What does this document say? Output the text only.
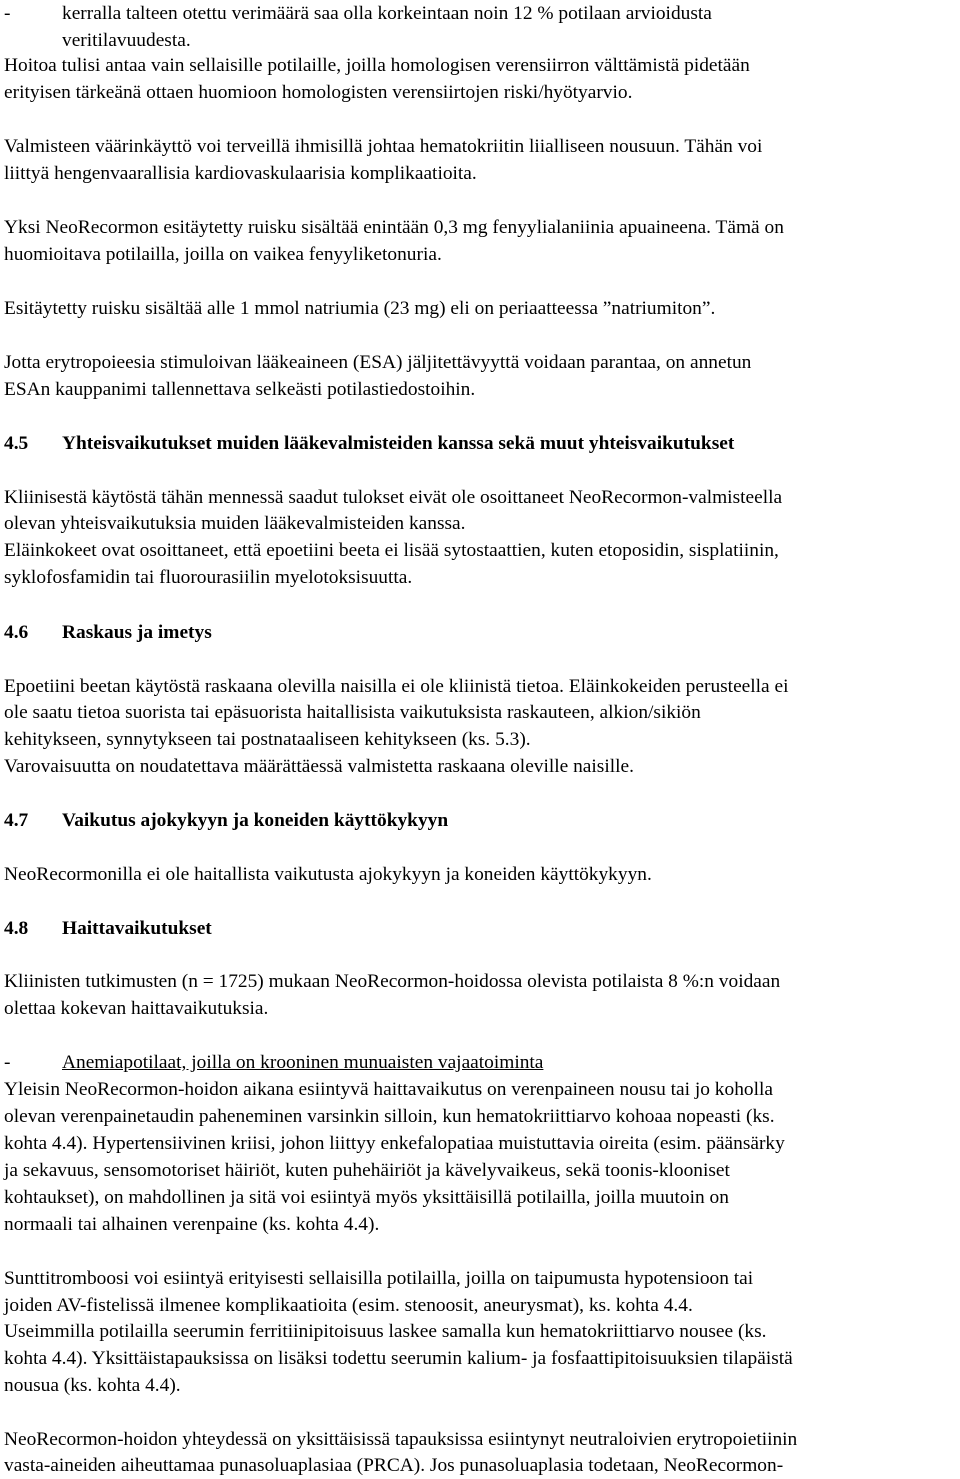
-	kerralla talteen otettu verimäärä saa olla korkeintaan noin 12 % potilaan arvioidusta
veritilavuudesta.
Hoitoa tulisi antaa vain sellaisille potilaille, joilla homologisen verensiirron välttämistä pidetään
erityisen tärkeänä ottaen huomioon homologisten verensiirtojen riski/hyötyarvio.
Valmisteen väärinkäyttö voi terveillä ihmisillä johtaa hematokriitin liialliseen nousuun. Tähän voi
liittyä hengenvaarallisia kardiovaskulaarisia komplikaatioita.
Yksi NeoRecormon esitäytetty ruisku sisältää enintään 0,3 mg fenyylialaniinia apuaineena. Tämä on
huomioitava potilailla, joilla on vaikea fenyyliketonuria.
Esitäytetty ruisku sisältää alle 1 mmol natriumia (23 mg) eli on periaatteessa ”natriumiton”.
Jotta erytropoieesia stimuloivan lääkeaineen (ESA) jäljitettävyyttä voidaan parantaa, on annetun
ESAn kauppanimi tallennettava selkeästi potilastiedostoihin.
4.5 Yhteisvaikutukset muiden lääkevalmisteiden kanssa sekä muut yhteisvaikutukset
Kliinisestä käytöstä tähän mennessä saadut tulokset eivät ole osoittaneet NeoRecormon-valmisteella
olevan yhteisvaikutuksia muiden lääkevalmisteiden kanssa.
Eläinkokeet ovat osoittaneet, että epoetiini beeta ei lisää sytostaattien, kuten etoposidin, sisplatiinin,
syklofosfamidin tai fluorourasiilin myelotoksisuutta.
4.6 Raskaus ja imetys
Epoetiini beetan käytöstä raskaana olevilla naisilla ei ole kliinistä tietoa. Eläinkokeiden perusteella ei
ole saatu tietoa suorista tai epäsuorista haitallisista vaikutuksista raskauteen, alkion/sikiön
kehitykseen, synnytykseen tai postnataaliseen kehitykseen (ks. 5.3).
Varovaisuutta on noudatettava määrättäessä valmistetta raskaana oleville naisille.
4.7 Vaikutus ajokykyyn ja koneiden käyttökykyyn
NeoRecormonilla ei ole haitallista vaikutusta ajokykyyn ja koneiden käyttökykyyn.
4.8 Haittavaikutukset
Kliinisten tutkimusten (n = 1725) mukaan NeoRecormon-hoidossa olevista potilaista 8 %:n voidaan
olettaa kokevan haittavaikutuksia.
-	Anemiapotilaat, joilla on krooninen munuaisten vajaatoiminta
Yleisin NeoRecormon-hoidon aikana esiintyvä haittavaikutus on verenpaineen nousu tai jo koholla
olevan verenpainetaudin paheneminen varsinkin silloin, kun hematokriittiarvo kohoaa nopeasti (ks.
kohta 4.4). Hypertensiivinen kriisi, johon liittyy enkefalopatiaa muistuttavia oireita (esim. päänsärky
ja sekavuus, sensomotoriset häiriöt, kuten puhehäiriöt ja kävelyvaikeus, sekä toonis-klooniset
kohtaukset), on mahdollinen ja sitä voi esiintyä myös yksittäisillä potilailla, joilla muutoin on
normaali tai alhainen verenpaine (ks. kohta 4.4).
Sunttitromboosi voi esiintyä erityisesti sellaisilla potilailla, joilla on taipumusta hypotensioon tai
joiden AV-fistelissä ilmenee komplikaatioita (esim. stenoosit, aneurysmat), ks. kohta 4.4.
Useimmilla potilailla seerumin ferritiinipitoisuus laskee samalla kun hematokriittiarvo nousee (ks.
kohta 4.4). Yksittäistapauksissa on lisäksi todettu seerumin kalium- ja fosfaattipitoisuuksien tilapäistä
nousua (ks. kohta 4.4).
NeoRecormon-hoidon yhteydessä on yksittäisissä tapauksissa esiintynyt neutraloivien erytropoietiinin
vasta-aineiden aiheuttamaa punasoluaplasiaa (PRCA). Jos punasoluaplasia todetaan, NeoRecormon-
